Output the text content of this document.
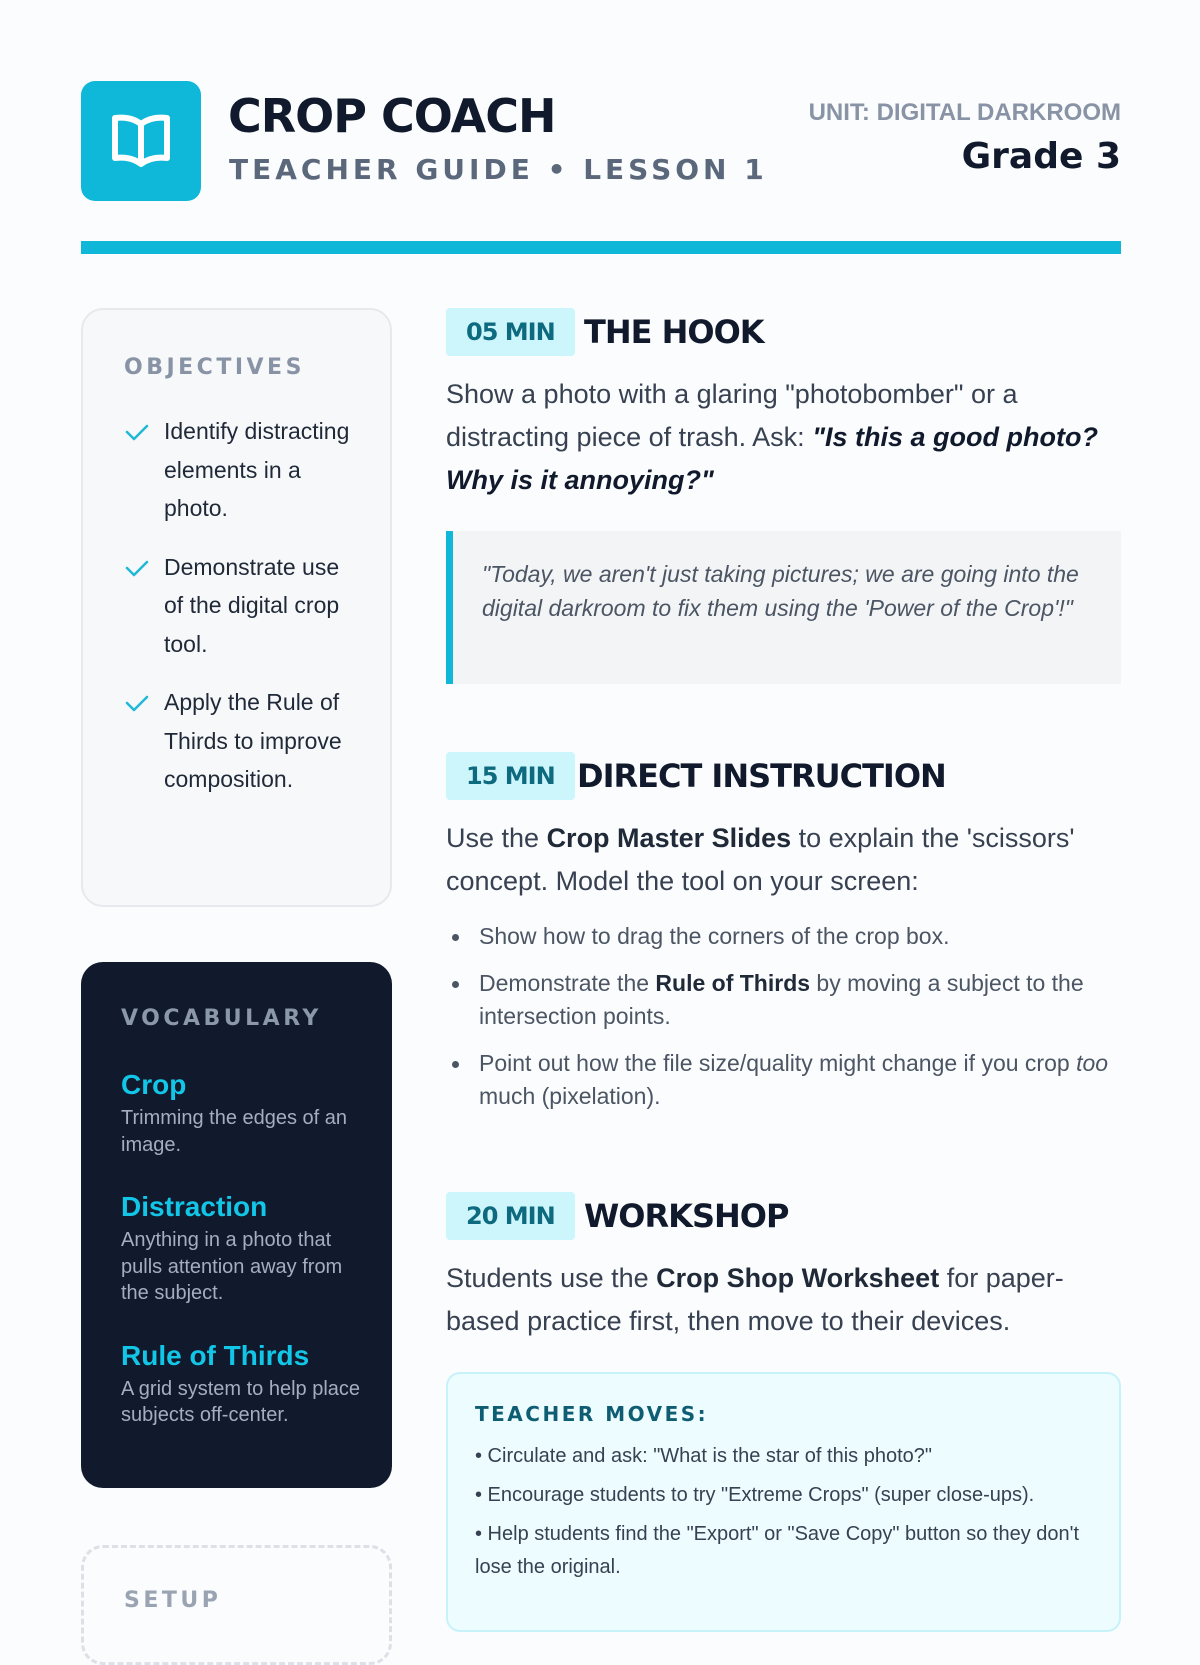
CROP COACH
TEACHER GUIDE • LESSON 1
UNIT: DIGITAL DARKROOM
Grade 3
OBJECTIVES
Identify distracting elements in a photo.
Demonstrate use of the digital crop tool.
Apply the Rule of Thirds to improve composition.
VOCABULARY
Crop
Trimming the edges of an image.
Distraction
Anything in a photo that pulls attention away from the subject.
Rule of Thirds
A grid system to help place subjects off-center.
SETUP
05 MIN THE HOOK

Show a photo with a glaring "photobomber" or a distracting piece of trash. Ask: "Is this a good photo? Why is it annoying?"

"Today, we aren't just taking pictures; we are going into the digital darkroom to fix them using the 'Power of the Crop'!"
15 MIN DIRECT INSTRUCTION

Use the Crop Master Slides to explain the 'scissors' concept. Model the tool on your screen:

Show how to drag the corners of the crop box.
Demonstrate the Rule of Thirds by moving a subject to the intersection points.
Point out how the file size/quality might change if you crop too much (pixelation).
20 MIN WORKSHOP

Students use the Crop Shop Worksheet for paper-based practice first, then move to their devices.

TEACHER MOVES:
• Circulate and ask: "What is the star of this photo?"
• Encourage students to try "Extreme Crops" (super close-ups).
• Help students find the "Export" or "Save Copy" button so they don't lose the original.
